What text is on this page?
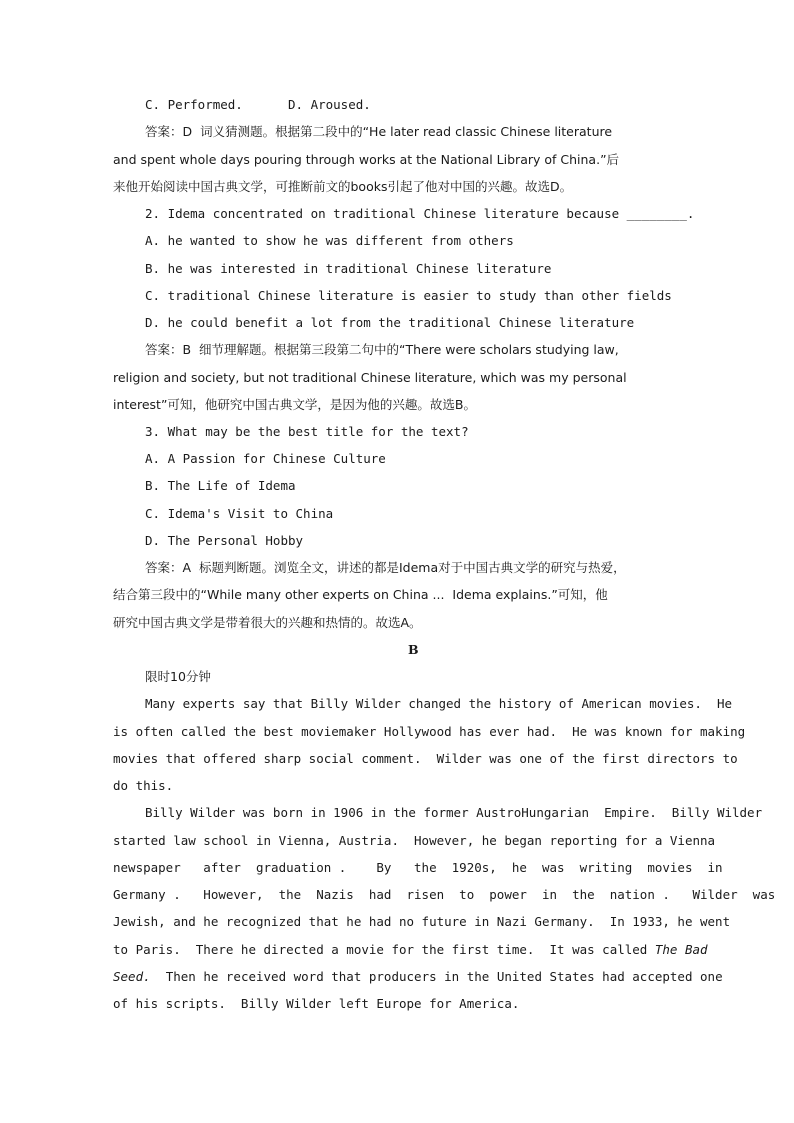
C. Performed.      D. Aroused.
答案：D  词义猜测题。根据第二段中的“He later read classic Chinese literature
and spent whole days pouring through works at the National Library of China.”后
来他开始阅读中国古典文学，可推断前文的books引起了他对中国的兴趣。故选D。
2. Idema concentrated on traditional Chinese literature because ________.
A. he wanted to show he was different from others
B. he was interested in traditional Chinese literature
C. traditional Chinese literature is easier to study than other fields
D. he could benefit a lot from the traditional Chinese literature
答案：B  细节理解题。根据第三段第二句中的“There were scholars studying law,
religion and society, but not traditional Chinese literature, which was my personal
interest”可知，他研究中国古典文学，是因为他的兴趣。故选B。
3. What may be the best title for the text?
A. A Passion for Chinese Culture
B. The Life of Idema
C. Idema's Visit to China
D. The Personal Hobby
答案：A  标题判断题。浏览全文，讲述的都是Idema对于中国古典文学的研究与热爱，
结合第三段中的“While many other experts on China ...  Idema explains.”可知，他
研究中国古典文学是带着很大的兴趣和热情的。故选A。
B
限时10分钟
Many experts say that Billy Wilder changed the history of American movies.  He
is often called the best moviemaker Hollywood has ever had.  He was known for making
movies that offered sharp social comment.  Wilder was one of the first directors to
do this.
Billy Wilder was born in 1906 in the former AustroHungarian  Empire.  Billy Wilder
started law school in Vienna, Austria.  However, he began reporting for a Vienna
newspaper   after  graduation .    By   the  1920s,  he  was  writing  movies  in
Germany .   However,  the  Nazis  had  risen  to  power  in  the  nation .   Wilder  was
Jewish, and he recognized that he had no future in Nazi Germany.  In 1933, he went
to Paris.  There he directed a movie for the first time.  It was called The Bad
Seed.  Then he received word that producers in the United States had accepted one
of his scripts.  Billy Wilder left Europe for America.
